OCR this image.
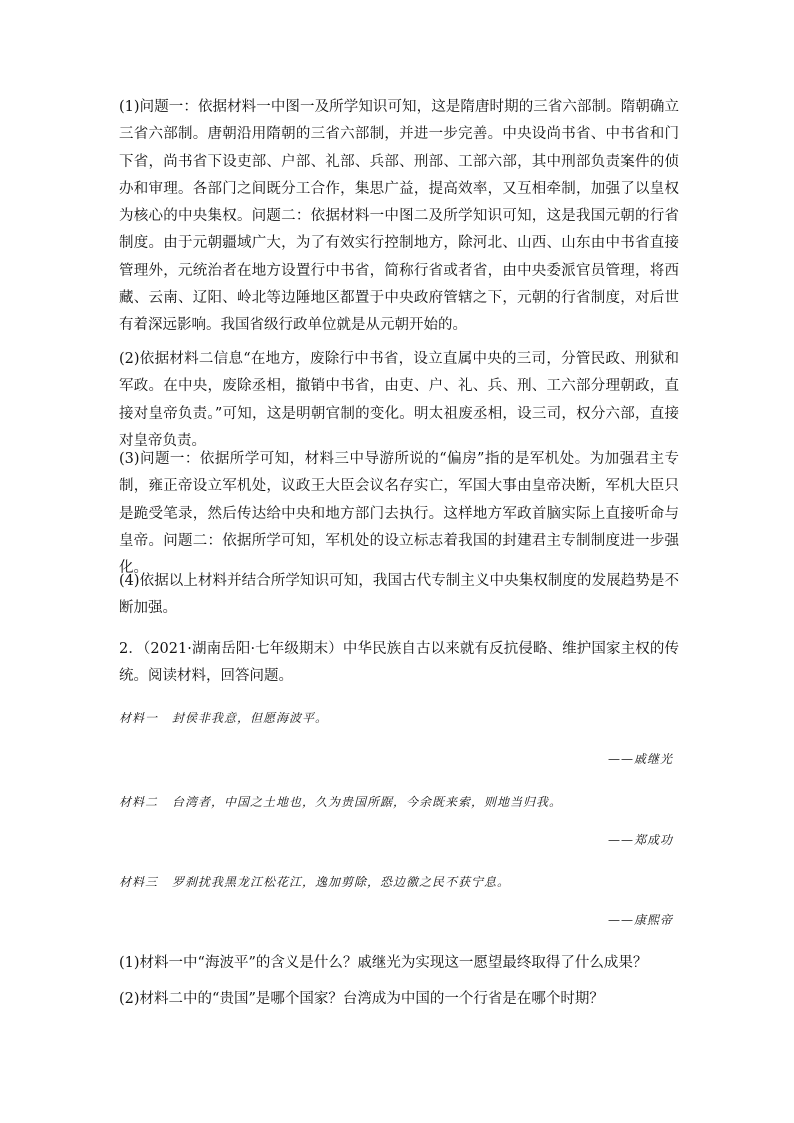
(1)问题一：依据材料一中图一及所学知识可知，这是隋唐时期的三省六部制。隋朝确立三省六部制。唐朝沿用隋朝的三省六部制，并进一步完善。中央设尚书省、中书省和门下省，尚书省下设吏部、户部、礼部、兵部、刑部、工部六部，其中刑部负责案件的侦办和审理。各部门之间既分工合作，集思广益，提高效率，又互相牵制，加强了以皇权为核心的中央集权。问题二：依据材料一中图二及所学知识可知，这是我国元朝的行省制度。由于元朝疆域广大，为了有效实行控制地方，除河北、山西、山东由中书省直接管理外，元统治者在地方设置行中书省，简称行省或者省，由中央委派官员管理，将西藏、云南、辽阳、岭北等边陲地区都置于中央政府管辖之下，元朝的行省制度，对后世有着深远影响。我国省级行政单位就是从元朝开始的。

(2)依据材料二信息“在地方，废除行中书省，设立直属中央的三司，分管民政、刑狱和军政。在中央，废除丞相，撤销中书省，由吏、户、礼、兵、刑、工六部分理朝政，直接对皇帝负责。”可知，这是明朝官制的变化。明太祖废丞相，设三司，权分六部，直接对皇帝负责。

(3)问题一：依据所学可知，材料三中导游所说的“偏房”指的是军机处。为加强君主专制，雍正帝设立军机处，议政王大臣会议名存实亡，军国大事由皇帝决断，军机大臣只是跪受笔录，然后传达给中央和地方部门去执行。这样地方军政首脑实际上直接听命与皇帝。问题二：依据所学可知，军机处的设立标志着我国的封建君主专制制度进一步强化。

(4)依据以上材料并结合所学知识可知，我国古代专制主义中央集权制度的发展趋势是不断加强。

2．（2021·湖南岳阳·七年级期末）中华民族自古以来就有反抗侵略、维护国家主权的传统。阅读材料，回答问题。

材料一 封侯非我意，但愿海波平。

——戚继光

材料二 台湾者，中国之土地也，久为贵国所踞，今余既来索，则地当归我。

——郑成功

材料三 罗刹扰我黑龙江松花江，逸加剪除，恐边徼之民不获宁息。

——康熙帝

(1)材料一中“海波平”的含义是什么？戚继光为实现这一愿望最终取得了什么成果？

(2)材料二中的“贵国”是哪个国家？台湾成为中国的一个行省是在哪个时期？
